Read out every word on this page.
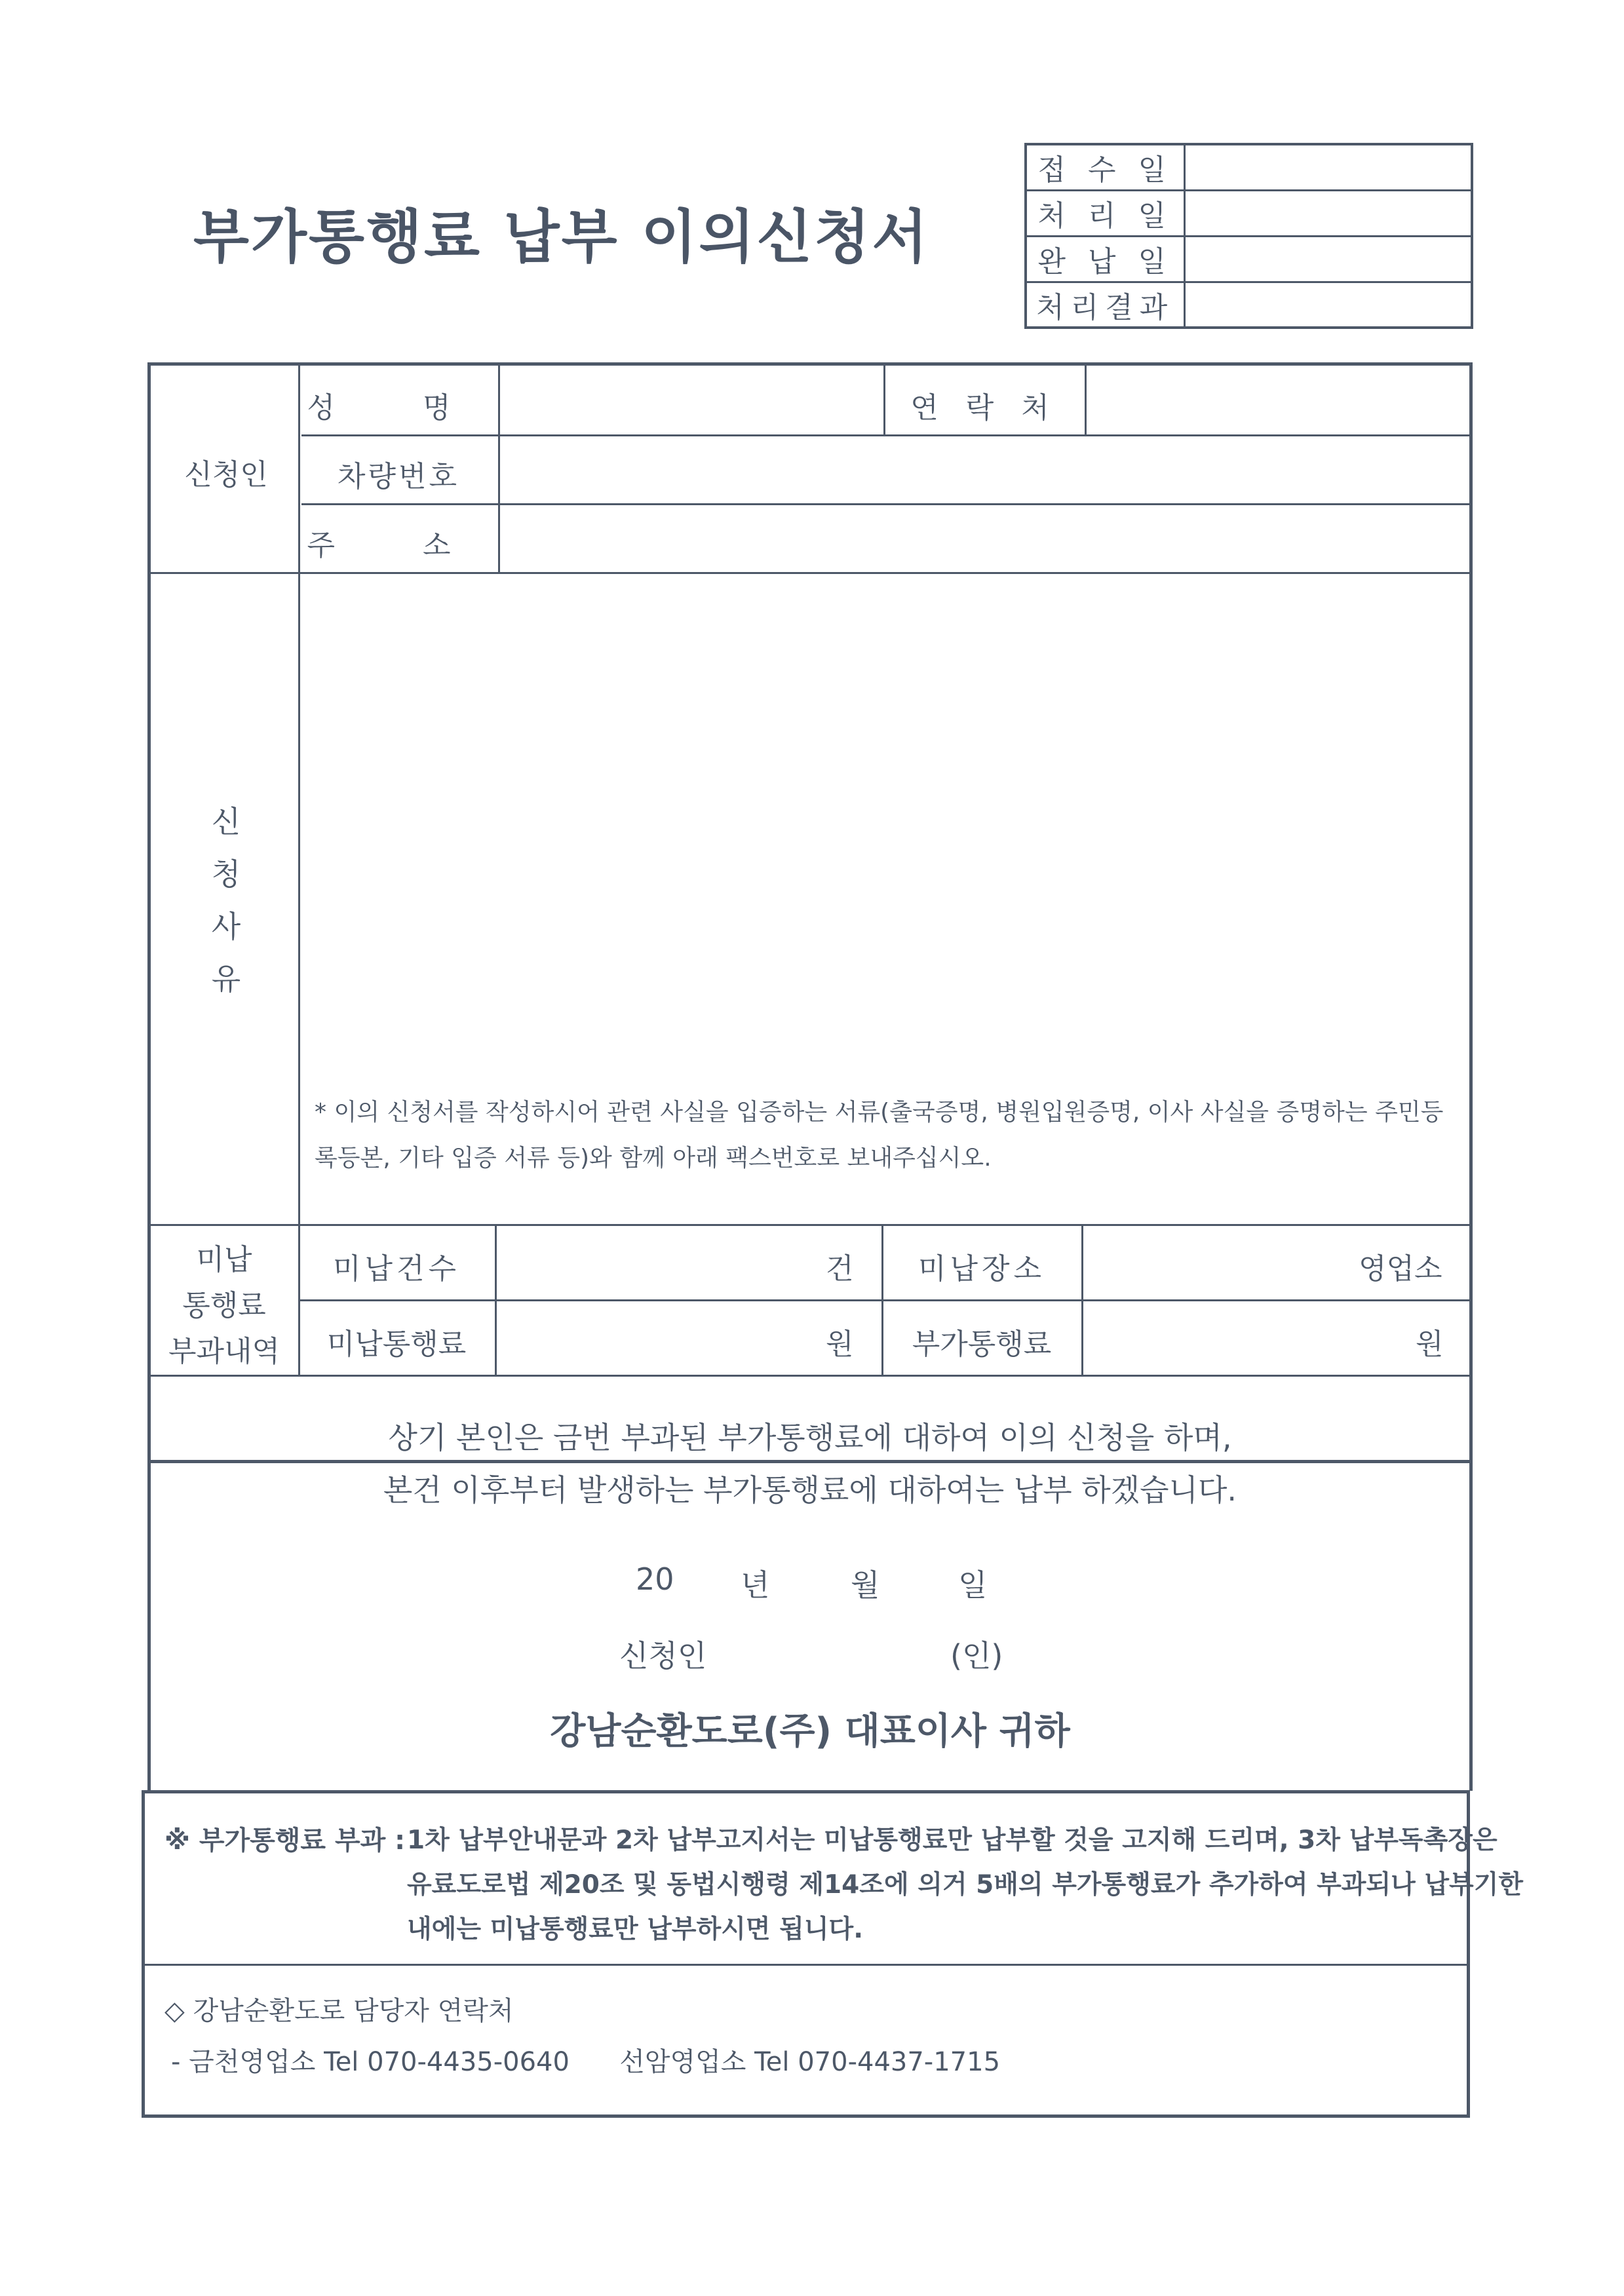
부가통행료 납부 이의신청서
접 수 일	
처 리 일	
완 납 일	
처리결과	
신청인
성 명	연 락 처
차량번호
주 소
신
청
사
유
* 이의 신청서를 작성하시어 관련 사실을 입증하는 서류(출국증명, 병원입원증명, 이사 사실을 증명하는 주민등록등본, 기타 입증 서류 등)와 함께 아래 팩스번호로 보내주십시오.
미납
통행료
부과내역
미납건수	건 미납장소	영업소
미납통행료	원 부가통행료	원
상기 본인은 금번 부과된 부가통행료에 대하여 이의 신청을 하며,
본건 이후부터 발생하는 부가통행료에 대하여는 납부 하겠습니다.
20 년	월	일
신청인	(인)
강남순환도로(주) 대표이사 귀하
※ 부가통행료 부과 : 1차 납부안내문과 2차 납부고지서는 미납통행료만 납부할 것을 고지해 드리며, 3차 납부독촉장은
유료도로법 제20조 및 동법시행령 제14조에 의거 5배의 부가통행료가 추가하여 부과되나 납부기한
내에는 미납통행료만 납부하시면 됩니다.
◇ 강남순환도로 담당자 연락처
- 금천영업소 Tel 070-4435-0640      선암영업소 Tel 070-4437-1715
